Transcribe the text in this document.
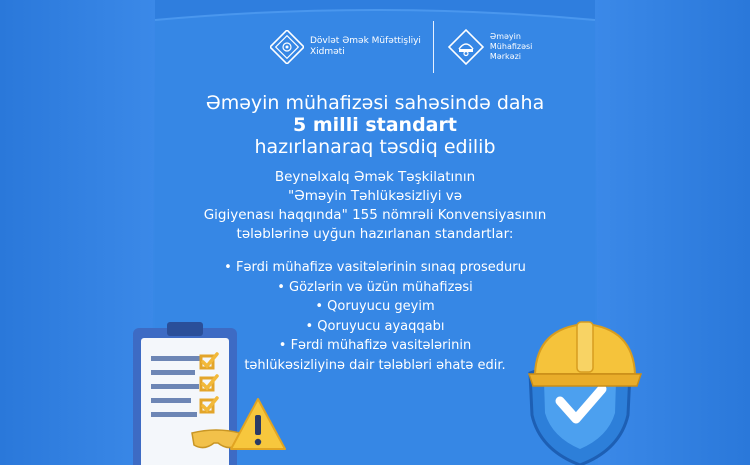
Dövlət Əmək Müfəttişliyi
Xidməti
Əməyin
Mühafizəsi
Mərkəzi
Əməyin mühafizəsi sahəsində daha
5 milli standart
hazırlanaraq təsdiq edilib
Beynəlxalq Əmək Təşkilatının
"Əməyin Təhlükəsizliyi və
Gigiyenası haqqında" 155 nömrəli Konvensiyasının
tələblərinə uyğun hazırlanan standartlar:
• Fərdi mühafizə vasitələrinin sınaq proseduru
• Gözlərin və üzün mühafizəsi
• Qoruyucu geyim
• Qoruyucu ayaqqabı
• Fərdi mühafizə vasitələrinin
təhlükəsizliyinə dair tələbləri əhatə edir.
